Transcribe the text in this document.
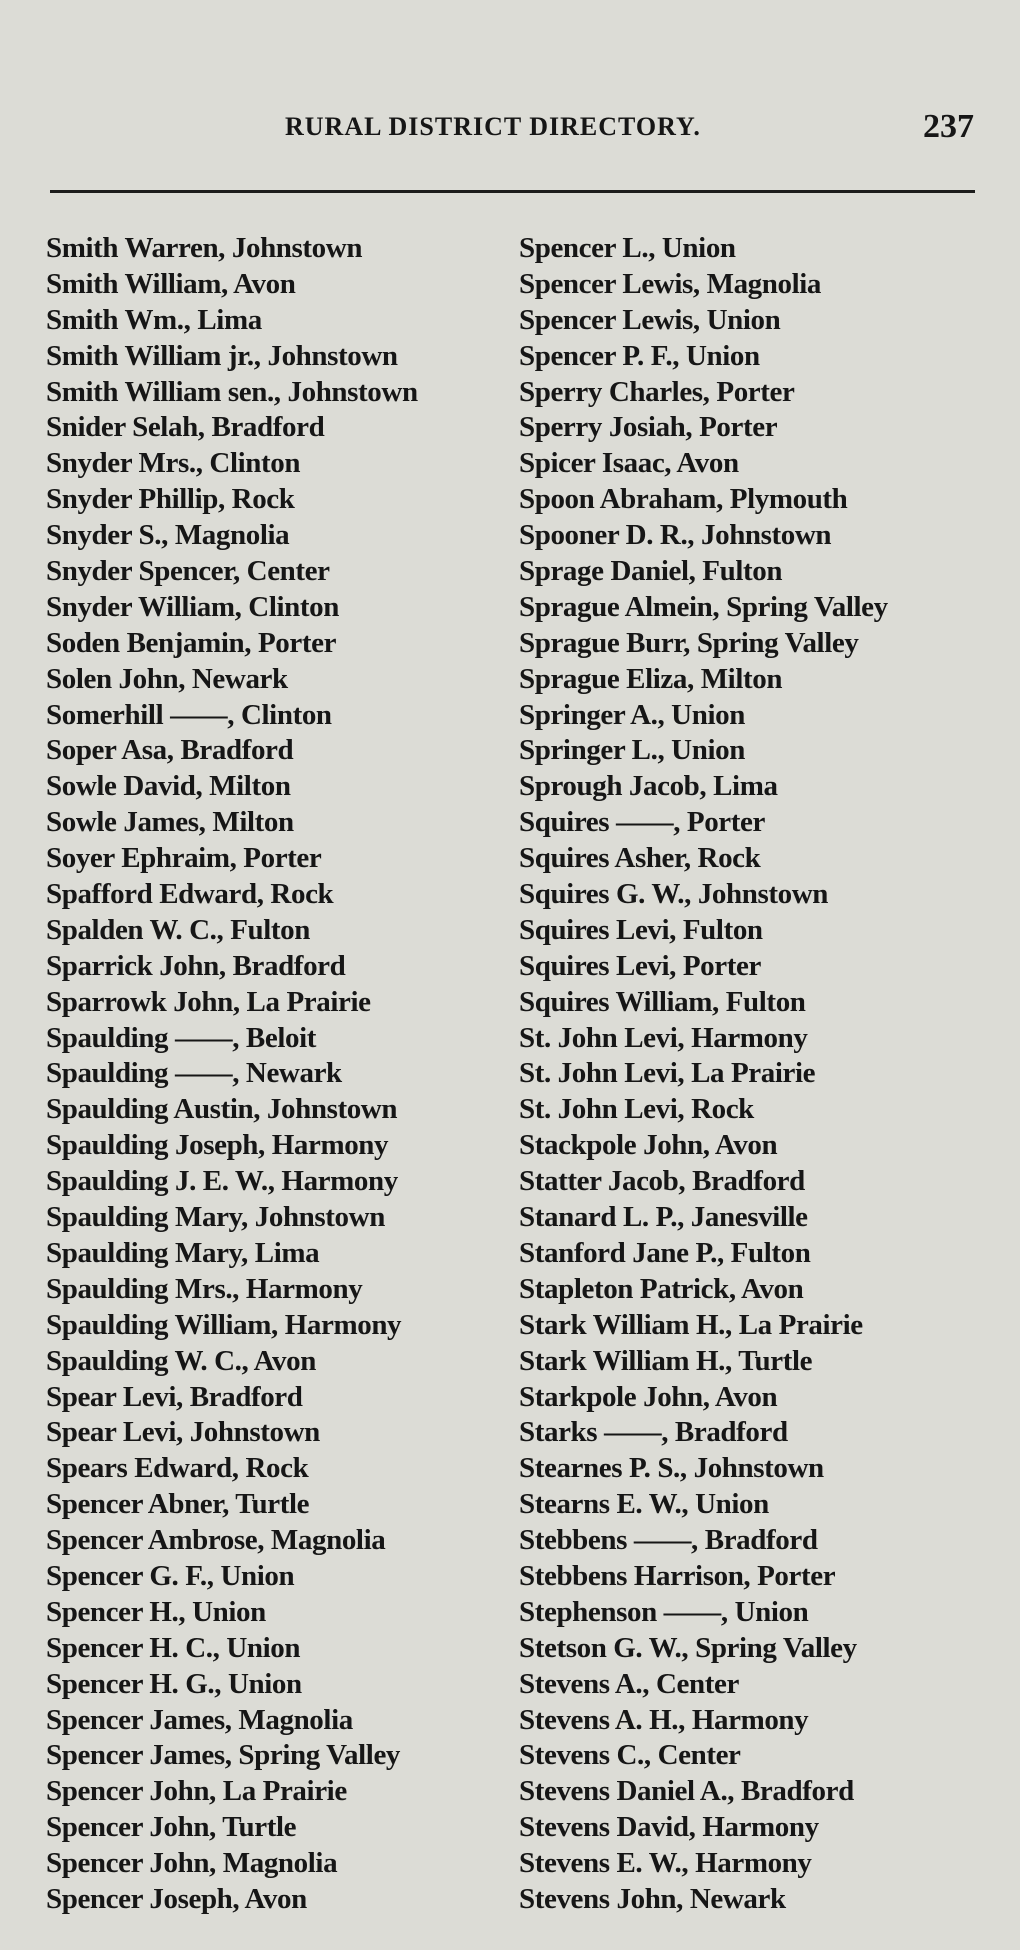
RURAL DISTRICT DIRECTORY.	237
Smith Warren, Johnstown
Smith William, Avon
Smith Wm., Lima
Smith William jr., Johnstown
Smith William sen., Johnstown
Snider Selah, Bradford
Snyder Mrs., Clinton
Snyder Phillip, Rock
Snyder S., Magnolia
Snyder Spencer, Center
Snyder William, Clinton
Soden Benjamin, Porter
Solen John, Newark
Somerhill ——, Clinton
Soper Asa, Bradford
Sowle David, Milton
Sowle James, Milton
Soyer Ephraim, Porter
Spafford Edward, Rock
Spalden W. C., Fulton
Sparrick John, Bradford
Sparrowk John, La Prairie
Spaulding ——, Beloit
Spaulding ——, Newark
Spaulding Austin, Johnstown
Spaulding Joseph, Harmony
Spaulding J. E. W., Harmony
Spaulding Mary, Johnstown
Spaulding Mary, Lima
Spaulding Mrs., Harmony
Spaulding William, Harmony
Spaulding W. C., Avon
Spear Levi, Bradford
Spear Levi, Johnstown
Spears Edward, Rock
Spencer Abner, Turtle
Spencer Ambrose, Magnolia
Spencer G. F., Union
Spencer H., Union
Spencer H. C., Union
Spencer H. G., Union
Spencer James, Magnolia
Spencer James, Spring Valley
Spencer John, La Prairie
Spencer John, Turtle
Spencer John, Magnolia
Spencer Joseph, Avon
Spencer L., Union
Spencer Lewis, Magnolia
Spencer Lewis, Union
Spencer P. F., Union
Sperry Charles, Porter
Sperry Josiah, Porter
Spicer Isaac, Avon
Spoon Abraham, Plymouth
Spooner D. R., Johnstown
Sprage Daniel, Fulton
Sprague Almein, Spring Valley
Sprague Burr, Spring Valley
Sprague Eliza, Milton
Springer A., Union
Springer L., Union
Sprough Jacob, Lima
Squires ——, Porter
Squires Asher, Rock
Squires G. W., Johnstown
Squires Levi, Fulton
Squires Levi, Porter
Squires William, Fulton
St. John Levi, Harmony
St. John Levi, La Prairie
St. John Levi, Rock
Stackpole John, Avon
Statter Jacob, Bradford
Stanard L. P., Janesville
Stanford Jane P., Fulton
Stapleton Patrick, Avon
Stark William H., La Prairie
Stark William H., Turtle
Starkpole John, Avon
Starks ——, Bradford
Stearnes P. S., Johnstown
Stearns E. W., Union
Stebbens ——, Bradford
Stebbens Harrison, Porter
Stephenson ——, Union
Stetson G. W., Spring Valley
Stevens A., Center
Stevens A. H., Harmony
Stevens C., Center
Stevens Daniel A., Bradford
Stevens David, Harmony
Stevens E. W., Harmony
Stevens John, Newark
